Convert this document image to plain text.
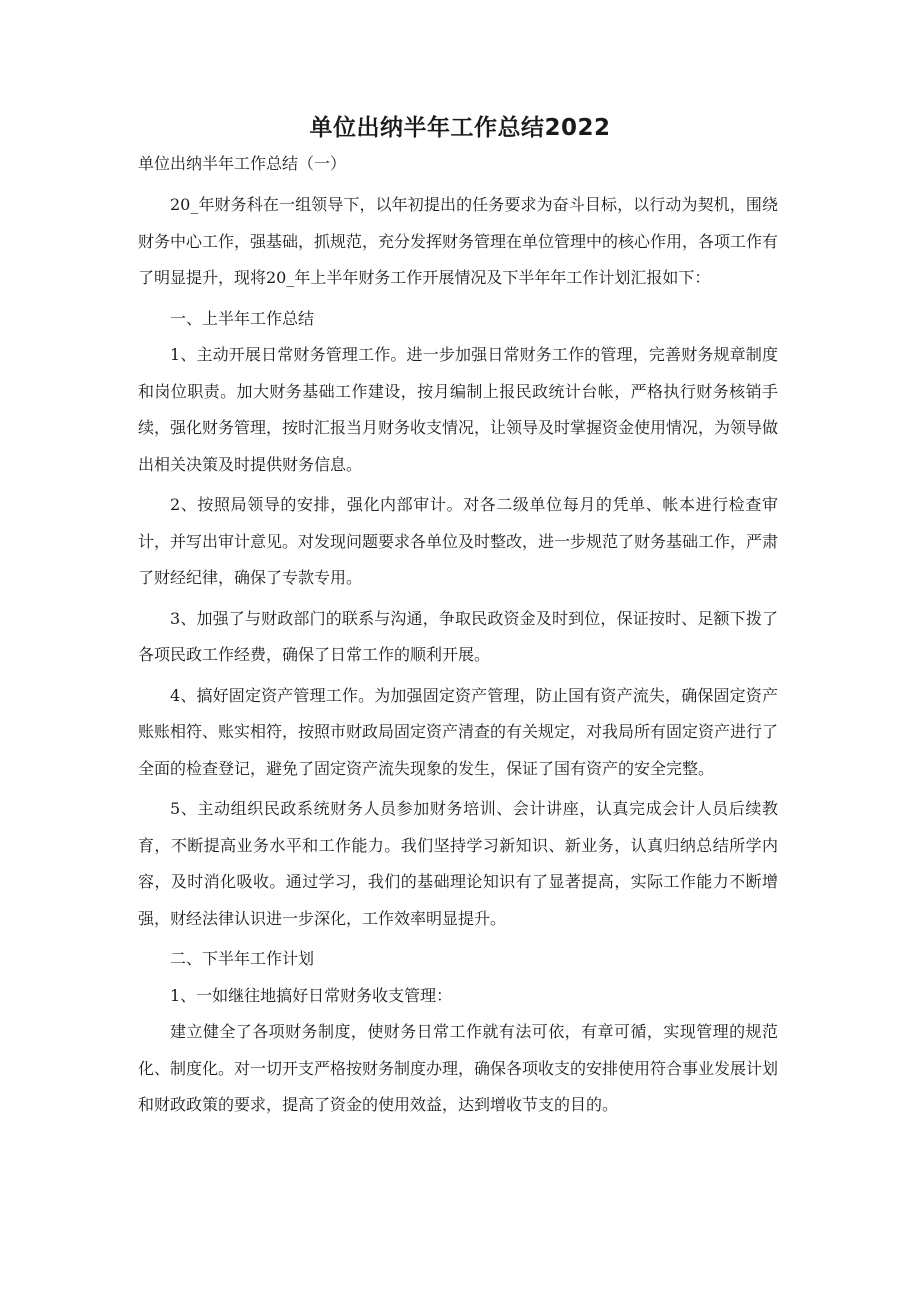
单位出纳半年工作总结2022

单位出纳半年工作总结（一）

20_年财务科在一组领导下，以年初提出的任务要求为奋斗目标，以行动为契机，围绕财务中心工作，强基础，抓规范，充分发挥财务管理在单位管理中的核心作用，各项工作有了明显提升，现将20_年上半年财务工作开展情况及下半年年工作计划汇报如下：

一、上半年工作总结

1、主动开展日常财务管理工作。进一步加强日常财务工作的管理，完善财务规章制度和岗位职责。加大财务基础工作建设，按月编制上报民政统计台帐，严格执行财务核销手续，强化财务管理，按时汇报当月财务收支情况，让领导及时掌握资金使用情况，为领导做出相关决策及时提供财务信息。

2、按照局领导的安排，强化内部审计。对各二级单位每月的凭单、帐本进行检查审计，并写出审计意见。对发现问题要求各单位及时整改，进一步规范了财务基础工作，严肃了财经纪律，确保了专款专用。

3、加强了与财政部门的联系与沟通，争取民政资金及时到位，保证按时、足额下拨了各项民政工作经费，确保了日常工作的顺利开展。

4、搞好固定资产管理工作。为加强固定资产管理，防止国有资产流失，确保固定资产账账相符、账实相符，按照市财政局固定资产清查的有关规定，对我局所有固定资产进行了全面的检查登记，避免了固定资产流失现象的发生，保证了国有资产的安全完整。

5、主动组织民政系统财务人员参加财务培训、会计讲座，认真完成会计人员后续教育，不断提高业务水平和工作能力。我们坚持学习新知识、新业务，认真归纳总结所学内容，及时消化吸收。通过学习，我们的基础理论知识有了显著提高，实际工作能力不断增强，财经法律认识进一步深化，工作效率明显提升。

二、下半年工作计划

1、一如继往地搞好日常财务收支管理：

建立健全了各项财务制度，使财务日常工作就有法可依，有章可循，实现管理的规范化、制度化。对一切开支严格按财务制度办理，确保各项收支的安排使用符合事业发展计划和财政政策的要求，提高了资金的使用效益，达到增收节支的目的。
